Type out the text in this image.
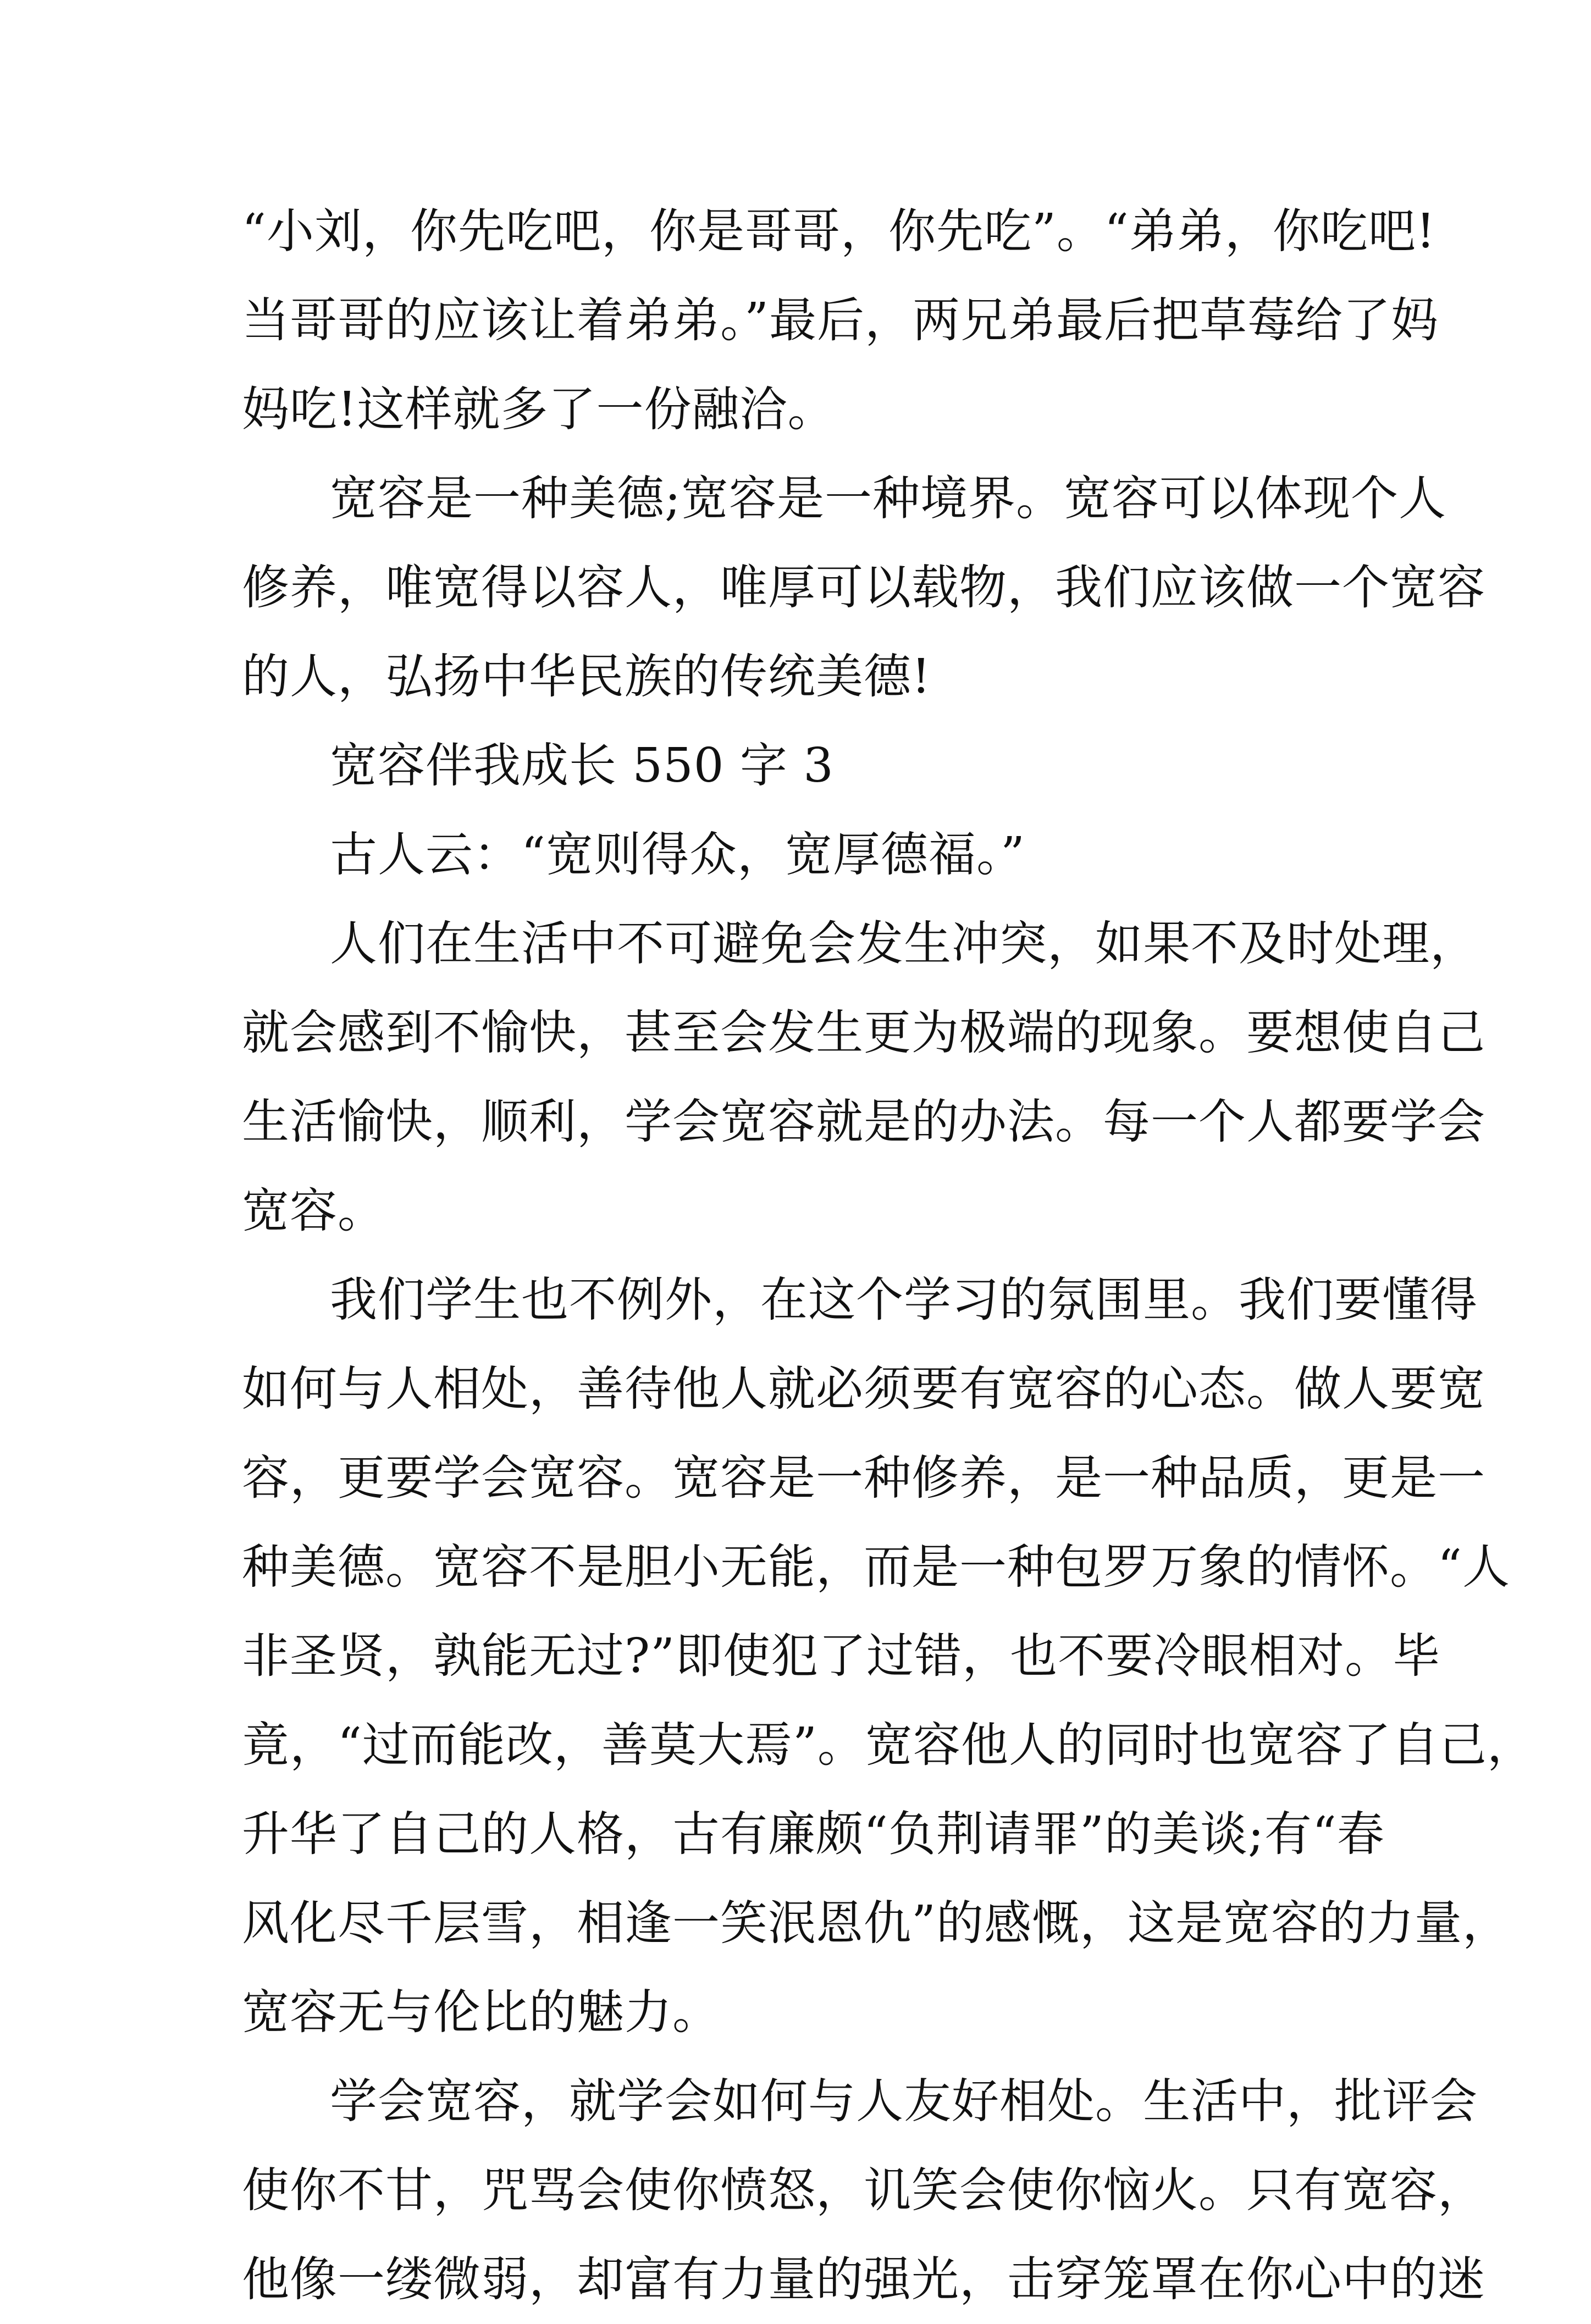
“小刘，你先吃吧，你是哥哥，你先吃”。“弟弟，你吃吧!
当哥哥的应该让着弟弟。”最后，两兄弟最后把草莓给了妈
妈吃!这样就多了一份融洽。
宽容是一种美德;宽容是一种境界。宽容可以体现个人
修养，唯宽得以容人，唯厚可以载物，我们应该做一个宽容
的人，弘扬中华民族的传统美德!
宽容伴我成长 550 字 3
古人云：“宽则得众，宽厚德福。”
人们在生活中不可避免会发生冲突，如果不及时处理，
就会感到不愉快，甚至会发生更为极端的现象。要想使自己
生活愉快，顺利，学会宽容就是的办法。每一个人都要学会
宽容。
我们学生也不例外，在这个学习的氛围里。我们要懂得
如何与人相处，善待他人就必须要有宽容的心态。做人要宽
容，更要学会宽容。宽容是一种修养，是一种品质，更是一
种美德。宽容不是胆小无能，而是一种包罗万象的情怀。“人
非圣贤，孰能无过?”即使犯了过错，也不要冷眼相对。毕
竟，“过而能改，善莫大焉”。宽容他人的同时也宽容了自己，
升华了自己的人格，古有廉颇“负荆请罪”的美谈;有“春
风化尽千层雪，相逢一笑泯恩仇”的感慨，这是宽容的力量，
宽容无与伦比的魅力。
学会宽容，就学会如何与人友好相处。生活中，批评会
使你不甘，咒骂会使你愤怒，讥笑会使你恼火。只有宽容，
他像一缕微弱，却富有力量的强光，击穿笼罩在你心中的迷
